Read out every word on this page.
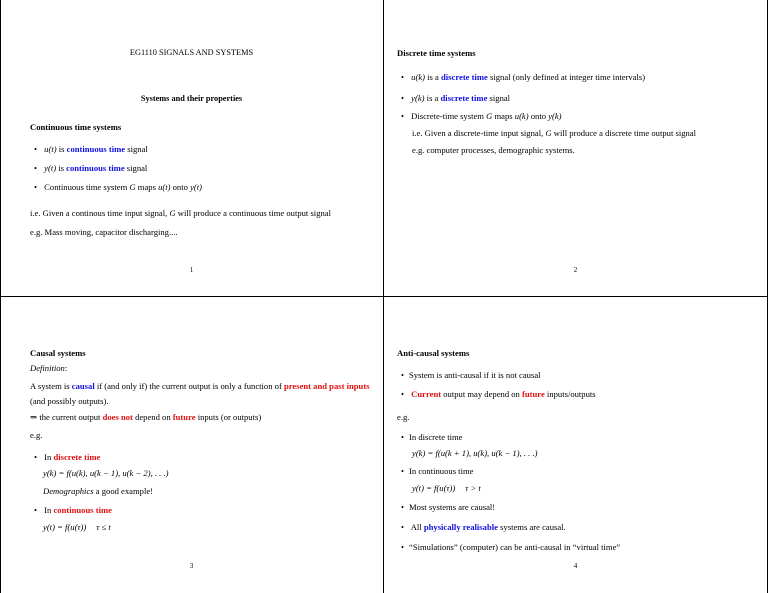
EG1110 SIGNALS AND SYSTEMS
Systems and their properties
Continuous time systems
• u(t) is continuous time signal
• y(t) is continuous time signal
• Continuous time system G maps u(t) onto y(t)
i.e. Given a continous time input signal, G will produce a continuous time output signal
e.g. Mass moving, capacitor discharging....
1
Discrete time systems
• u(k) is a discrete time signal (only defined at integer time intervals)
• y(k) is a discrete time signal
• Discrete-time system G maps u(k) onto y(k)
i.e. Given a discrete-time input signal, G will produce a discrete time output signal
e.g. computer processes, demographic systems.
2
Causal systems
Definition:
A system is causal if (and only if) the current output is only a function of present and past inputs
(and possibly outputs).
⇒ the current output does not depend on future inputs (or outputs)
e.g.
• In discrete time
y(k) = f(u(k), u(k − 1), u(k − 2), . . .)
Demographics a good example!
• In continuous time
y(t) = f(u(τ)) τ ≤ t
3
Anti-causal systems
• System is anti-causal if it is not causal
• Current output may depend on future inputs/outputs
e.g.
• In discrete time
y(k) = f(u(k + 1), u(k), u(k − 1), . . .)
• In continuous time
y(t) = f(u(τ)) τ > t
• Most systems are causal!
• All physically realisable systems are causal.
• “Simulations” (computer) can be anti-causal in “virtual time”
4
